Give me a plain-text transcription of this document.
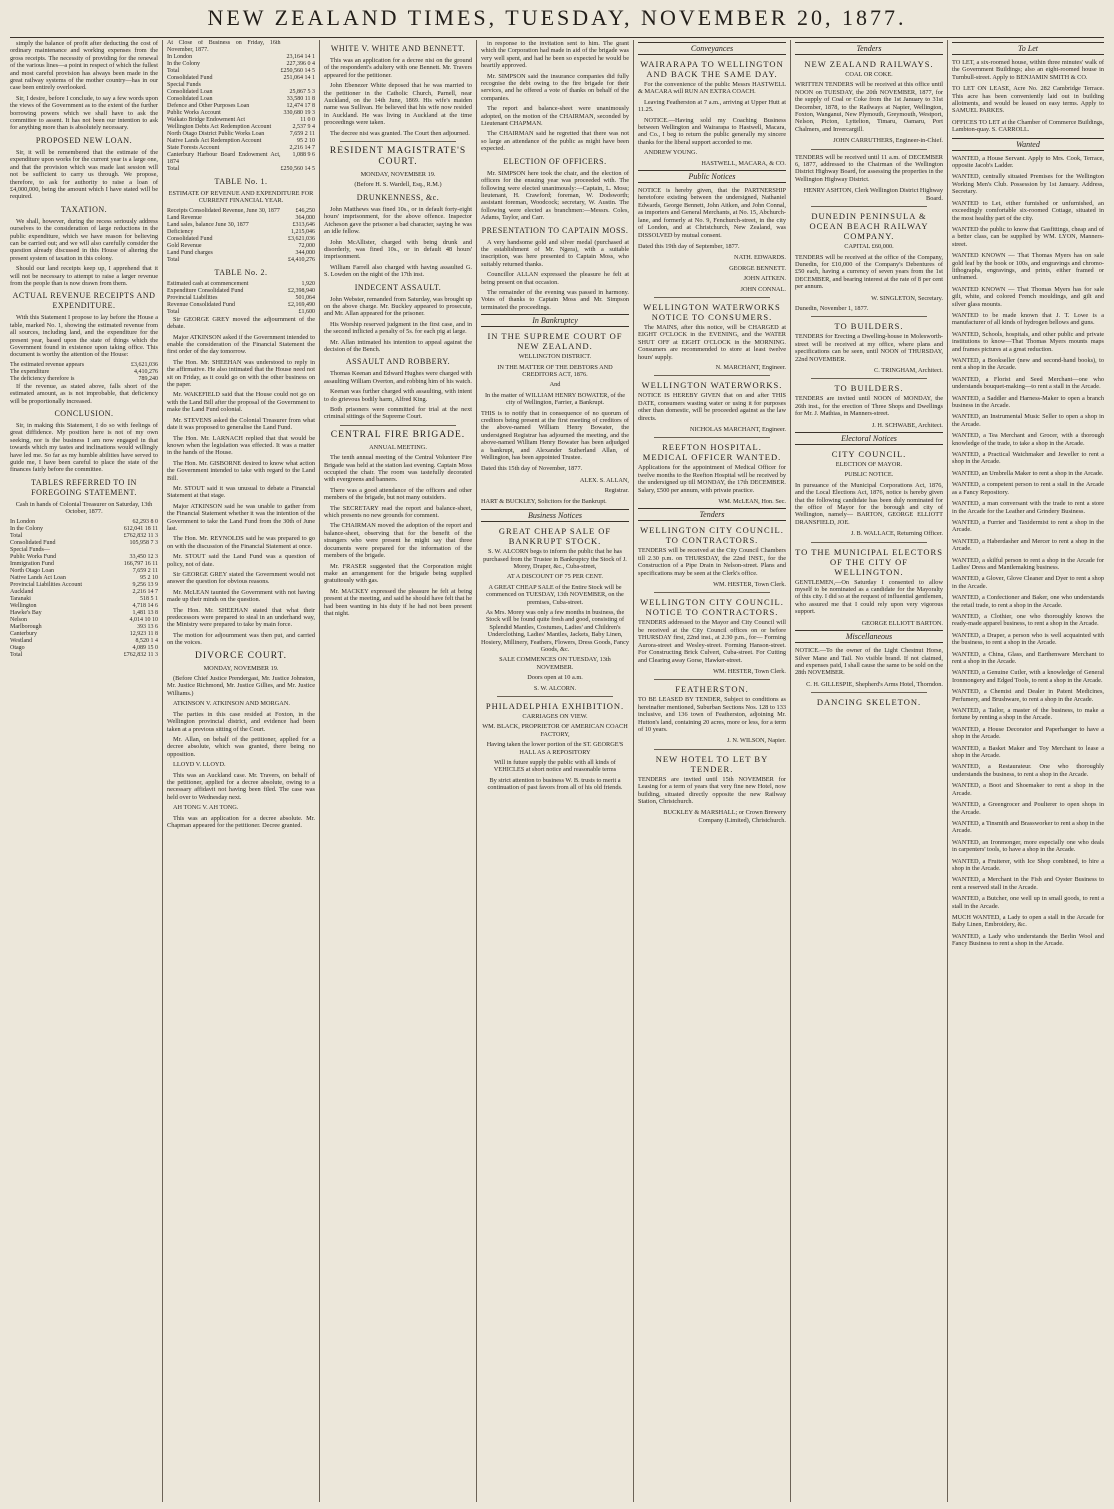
NEW ZEALAND TIMES, TUESDAY, NOVEMBER 20, 1877.

simply the balance of profit after deducting the cost of ordinary maintenance and working expenses from the gross receipts. The necessity of providing for the renewal of the various lines—a point in respect of which the fullest and most careful provision has always been made in the great railway systems of the mother country—has in our case been entirely overlooked.

Sir, I desire, before I conclude, to say a few words upon the views of the Government as to the extent of the further borrowing powers which we shall have to ask the committee to assent. It has not been our intention to ask for anything more than is absolutely necessary.

PROPOSED NEW LOAN.

Sir, it will be remembered that the estimate of the expenditure upon works for the current year is a large one, and that the provision which was made last session will not be sufficient to carry us through. We propose, therefore, to ask for authority to raise a loan of £4,000,000, being the amount which I have stated will be required.

TAXATION.

We shall, however, during the recess seriously address ourselves to the consideration of large reductions in the public expenditure, which we have reason for believing can be carried out; and we will also carefully consider the question already discussed in this House of altering the present system of taxation in this colony.

Should our land receipts keep up, I apprehend that it will not be necessary to attempt to raise a larger revenue from the people than is now drawn from them.

ACTUAL REVENUE RECEIPTS AND EXPENDITURE.

With this Statement I propose to lay before the House a table, marked No. 1, showing the estimated revenue from all sources, including land, and the expenditure for the present year, based upon the state of things which the Government found in existence upon taking office. This document is worthy the attention of the House:

The estimated revenue appears	£3,621,036
The expenditure	4,410,276
The deficiency therefore is	789,240

If the revenue, as stated above, falls short of the estimated amount, as is not improbable, that deficiency will be proportionally increased.

CONCLUSION.

Sir, in making this Statement, I do so with feelings of great diffidence. My position here is not of my own seeking, nor is the business I am now engaged in that towards which my tastes and inclinations would willingly have led me. So far as my humble abilities have served to guide me, I have been careful to place the state of the finances fairly before the committee.

TABLES REFERRED TO IN FOREGOING STATEMENT.

Cash in hands of Colonial Treasurer on Saturday, 13th October, 1877.

In London	62,293 8 0
In the Colony	612,041 18 11
Total	£762,832 11 3
Consolidated Fund	105,958 7 3
Special Funds—	
Public Works Fund	33,450 12 3
Immigration Fund	166,797 16 11
North Otago Loan	7,659 2 11
Native Lands Act Loan	95 2 10
Provincial Liabilities Account	9,256 13 9
Auckland	2,216 14 7
Taranaki	518 5 1
Wellington	4,718 14 6
Hawke's Bay	1,481 13 8
Nelson	4,014 10 10
Marlborough	393 13 6
Canterbury	12,923 11 8
Westland	8,520 1 4
Otago	4,089 15 0
Total	£762,832 11 3
At Close of Business on Friday, 16th November, 1877.	
In London	23,164 14 1
In the Colony	227,396 0 4
Total	£250,560 14 5
Consolidated Fund	251,064 14 1
Special Funds	
Consolidated Loan	25,867 5 3
Consolidated Loan	33,580 11 8
Defence and Other Purposes Loan	12,474 17 8
Public Works Account	330,680 19 3
Waikato Bridge Endowment Act	11 0 0
Wellington Debts Act Redemption Account	2,537 9 4
North Otago District Public Works Loan	7,659 2 11
Native Lands Act Redemption Account	95 2 10
State Forests Account	2,216 14 7
Canterbury Harbour Board Endowment Act, 1874	1,088 9 6
Total	£250,560 14 5
TABLE No. 1.

ESTIMATE OF REVENUE AND EXPENDITURE FOR CURRENT FINANCIAL YEAR.

Receipts Consolidated Revenue, June 30, 1877	£46,250
Land Revenue	364,000
Land sales, balance June 30, 1877	£313,646
Deficiency	1,215,046
Consolidated Fund	£3,621,036
Gold Revenue	72,000
Land Fund charges	344,000
Total	£4,410,276
TABLE No. 2.
Estimated cash at commencement	1,920
Expenditure Consolidated Fund	£2,398,940
Provincial Liabilities	501,064
Revenue Consolidated Fund	£2,169,490
Total	£1,600

Sir GEORGE GREY moved the adjournment of the debate.

Major ATKINSON asked if the Government intended to enable the consideration of the Financial Statement the first order of the day tomorrow.

The Hon. Mr. SHEEHAN was understood to reply in the affirmative. He also intimated that the House need not sit on Friday, as it could go on with the other business on the paper.

Mr. WAKEFIELD said that the House could not go on with the Land Bill after the proposal of the Government to make the Land Fund colonial.

Mr. STEVENS asked the Colonial Treasurer from what date it was proposed to generalise the Land Fund.

The Hon. Mr. LARNACH replied that that would be known when the legislation was effected. It was a matter in the hands of the House.

The Hon. Mr. GISBORNE desired to know what action the Government intended to take with regard to the Land Bill.

Mr. STOUT said it was unusual to debate a Financial Statement at that stage.

Major ATKINSON said he was unable to gather from the Financial Statement whether it was the intention of the Government to take the Land Fund from the 30th of June last.

The Hon. Mr. REYNOLDS said he was prepared to go on with the discussion of the Financial Statement at once.

Mr. STOUT said the Land Fund was a question of policy, not of date.

Sir GEORGE GREY stated the Government would not answer the question for obvious reasons.

Mr. McLEAN taunted the Government with not having made up their minds on the question.

The Hon. Mr. SHEEHAN stated that what their predecessors were prepared to steal in an underhand way, the Ministry were prepared to take by main force.

The motion for adjournment was then put, and carried on the voices.

DIVORCE COURT.

MONDAY, NOVEMBER 19.

(Before Chief Justice Prendergast, Mr. Justice Johnston, Mr. Justice Richmond, Mr. Justice Gillies, and Mr. Justice Williams.)

ATKINSON V. ATKINSON AND MORGAN.

The parties in this case resided at Foxton, in the Wellington provincial district, and evidence had been taken at a previous sitting of the Court.

Mr. Allan, on behalf of the petitioner, applied for a decree absolute, which was granted, there being no opposition.

LLOYD V. LLOYD.

This was an Auckland case. Mr. Travers, on behalf of the petitioner, applied for a decree absolute, owing to a necessary affidavit not having been filed. The case was held over to Wednesday next.

AH TONG V. AH TONG.

This was an application for a decree absolute. Mr. Chapman appeared for the petitioner. Decree granted.

WHITE V. WHITE AND BENNETT.

This was an application for a decree nisi on the ground of the respondent's adultery with one Bennett. Mr. Travers appeared for the petitioner.

John Ebenezer White deposed that he was married to the petitioner in the Catholic Church, Parnell, near Auckland, on the 14th June, 1869. His wife's maiden name was Sullivan. He believed that his wife now resided in Auckland. He was living in Auckland at the time proceedings were taken.

The decree nisi was granted. The Court then adjourned.

RESIDENT MAGISTRATE'S COURT.

MONDAY, NOVEMBER 19.

(Before H. S. Wardell, Esq., R.M.)

DRUNKENNESS, &c.

John Matthews was fined 10s., or in default forty-eight hours' imprisonment, for the above offence. Inspector Atcheson gave the prisoner a bad character, saying he was an idle fellow.

John McAllister, charged with being drunk and disorderly, was fined 10s., or in default 48 hours' imprisonment.

William Farrell also charged with having assaulted G. S. Lowden on the night of the 17th inst.

INDECENT ASSAULT.

John Webster, remanded from Saturday, was brought up on the above charge. Mr. Buckley appeared to prosecute, and Mr. Allan appeared for the prisoner.

His Worship reserved judgment in the first case, and in the second inflicted a penalty of 5s. for each pig at large.

Mr. Allan intimated his intention to appeal against the decision of the Bench.

ASSAULT AND ROBBERY.

Thomas Keenan and Edward Hughes were charged with assaulting William Overton, and robbing him of his watch.

Keenan was further charged with assaulting, with intent to do grievous bodily harm, Alfred King.

Both prisoners were committed for trial at the next criminal sittings of the Supreme Court.

CENTRAL FIRE BRIGADE.

ANNUAL MEETING.

The tenth annual meeting of the Central Volunteer Fire Brigade was held at the station last evening. Captain Moss occupied the chair. The room was tastefully decorated with evergreens and banners.

There was a good attendance of the officers and other members of the brigade, but not many outsiders.

The SECRETARY read the report and balance-sheet, which presents no new grounds for comment.

The CHAIRMAN moved the adoption of the report and balance-sheet, observing that for the benefit of the strangers who were present he might say that three documents were prepared for the information of the members of the brigade.

Mr. FRASER suggested that the Corporation might make an arrangement for the brigade being supplied gratuitously with gas.

Mr. MACKEY expressed the pleasure he felt at being present at the meeting, and said he should have felt that he had been wanting in his duty if he had not been present that night.

in response to the invitation sent to him. The grant which the Corporation had made in aid of the brigade was very well spent, and had he been so expected he would be heartily approved.

Mr. SIMPSON said the insurance companies did fully recognise the debt owing to the fire brigade for their services, and he offered a vote of thanks on behalf of the companies.

The report and balance-sheet were unanimously adopted, on the motion of the CHAIRMAN, seconded by Lieutenant CHAPMAN.

The CHAIRMAN said he regretted that there was not so large an attendance of the public as might have been expected.

ELECTION OF OFFICERS.

Mr. SIMPSON here took the chair, and the election of officers for the ensuing year was proceeded with. The following were elected unanimously:—Captain, L. Moss; lieutenant, H. Crawford; foreman, W. Dodsworth; assistant foreman, Woodcock; secretary, W. Austin. The following were elected as branchmen:—Messrs. Coles, Adams, Taylor, and Carr.

PRESENTATION TO CAPTAIN MOSS.

A very handsome gold and silver medal (purchased at the establishment of Mr. Ngera), with a suitable inscription, was here presented to Captain Moss, who suitably returned thanks.

Councillor ALLAN expressed the pleasure he felt at being present on that occasion.

The remainder of the evening was passed in harmony. Votes of thanks to Captain Moss and Mr. Simpson terminated the proceedings.

In Bankruptcy

IN THE SUPREME COURT OF NEW ZEALAND.

WELLINGTON DISTRICT.

IN THE MATTER OF THE DEBTORS AND CREDITORS ACT, 1876.

And

In the matter of WILLIAM HENRY BOWATER, of the city of Wellington, Farrier, a Bankrupt.

THIS is to notify that in consequence of no quorum of creditors being present at the first meeting of creditors of the above-named William Henry Bowater, the undersigned Registrar has adjourned the meeting, and the above-named William Henry Bowater has been adjudged a bankrupt, and Alexander Sutherland Allan, of Wellington, has been appointed Trustee.

Dated this 15th day of November, 1877.

ALEX. S. ALLAN,

Registrar.

HART & BUCKLEY, Solicitors for the Bankrupt.

Business Notices

GREAT CHEAP SALE OF BANKRUPT STOCK.

S. W. ALCORN begs to inform the public that he has purchased from the Trustee in Bankruptcy the Stock of J. Morey, Draper, &c., Cuba-street,

AT A DISCOUNT OF 75 PER CENT.

A GREAT CHEAP SALE of the Entire Stock will be commenced on TUESDAY, 13th NOVEMBER, on the premises, Cuba-street.

As Mrs. Morey was only a few months in business, the Stock will be found quite fresh and good, consisting of Splendid Mantles, Costumes, Ladies' and Children's Underclothing, Ladies' Mantles, Jackets, Baby Linen, Hosiery, Millinery, Feathers, Flowers, Dress Goods, Fancy Goods, &c.

SALE COMMENCES ON TUESDAY, 13th NOVEMBER.

Doors open at 10 a.m.

S. W. ALCORN.

PHILADELPHIA EXHIBITION.

CARRIAGES ON VIEW.

WM. BLACK, PROPRIETOR OF AMERICAN COACH FACTORY,

Having taken the lower portion of the ST. GEORGE'S HALL AS A REPOSITORY

Will in future supply the public with all kinds of VEHICLES at short notice and reasonable terms

By strict attention to business W. B. trusts to merit a continuation of past favors from all of his old friends.

Conveyances

WAIRARAPA TO WELLINGTON AND BACK THE SAME DAY.

For the convenience of the public Messrs HASTWELL & MACARA will RUN AN EXTRA COACH.

Leaving Featherston at 7 a.m., arriving at Upper Hutt at 11.25.

NOTICE.—Having sold my Coaching Business between Wellington and Wairarapa to Hastwell, Macara, and Co., I beg to return the public generally my sincere thanks for the liberal support accorded to me.

ANDREW YOUNG.

HASTWELL, MACARA, & CO.

Public Notices

NOTICE is hereby given, that the PARTNERSHIP heretofore existing between the undersigned, Nathaniel Edwards, George Bennett, John Aitken, and John Connal, as importers and General Merchants, at No. 15, Abchurch-lane, and formerly at No. 9, Fenchurch-street, in the city of London, and at Christchurch, New Zealand, was DISSOLVED by mutual consent.

Dated this 19th day of September, 1877.

NATH. EDWARDS.

GEORGE BENNETT.

JOHN AITKEN.

JOHN CONNAL.

WELLINGTON WATERWORKS NOTICE TO CONSUMERS.

The MAINS, after this notice, will be CHARGED at EIGHT O'CLOCK in the EVENING, and the WATER SHUT OFF at EIGHT O'CLOCK in the MORNING. Consumers are recommended to store at least twelve hours' supply.

N. MARCHANT, Engineer.

WELLINGTON WATERWORKS.

NOTICE IS HEREBY GIVEN that on and after THIS DATE, consumers wasting water or using it for purposes other than domestic, will be proceeded against as the law directs.

NICHOLAS MARCHANT, Engineer.

REEFTON HOSPITAL. MEDICAL OFFICER WANTED.

Applications for the appointment of Medical Officer for twelve months to the Reefton Hospital will be received by the undersigned up till MONDAY, the 17th DECEMBER. Salary, £500 per annum, with private practice.

WM. McLEAN, Hon. Sec.

Tenders

WELLINGTON CITY COUNCIL. TO CONTRACTORS.

TENDERS will be received at the City Council Chambers till 2.30 p.m. on THURSDAY, the 22nd INST., for the Construction of a Pipe Drain in Nelson-street. Plans and specifications may be seen at the Clerk's office.

WM. HESTER, Town Clerk.

WELLINGTON CITY COUNCIL. NOTICE TO CONTRACTORS.

TENDERS addressed to the Mayor and City Council will be received at the City Council offices on or before THURSDAY first, 22nd inst., at 2.30 p.m., for— Forming Aurora-street and Wesley-street. Forming Hanson-street. For Constructing Brick Culvert, Cuba-street. For Cutting and Clearing away Gorse, Hawker-street.

WM. HESTER, Town Clerk.

FEATHERSTON.

TO BE LEASED BY TENDER, Subject to conditions as hereinafter mentioned, Suburban Sections Nos. 128 to 133 inclusive, and 136 town of Featherston, adjoining Mr. Hutton's land, containing 20 acres, more or less, for a term of 10 years.

J. N. WILSON, Napier.

NEW HOTEL TO LET BY TENDER.

TENDERS are invited until 15th NOVEMBER for Leasing for a term of years that very fine new Hotel, now building, situated directly opposite the new Railway Station, Christchurch.

BUCKLEY & MARSHALL; or Crown Brewery Company (Limited), Christchurch.

Tenders

NEW ZEALAND RAILWAYS.

COAL OR COKE.

WRITTEN TENDERS will be received at this office until NOON on TUESDAY, the 20th NOVEMBER, 1877, for the supply of Coal or Coke from the 1st January to 31st December, 1878, to the Railways at Napier, Wellington, Foxton, Wanganui, New Plymouth, Greymouth, Westport, Nelson, Picton, Lyttelton, Timaru, Oamaru, Port Chalmers, and Invercargill.

JOHN CARRUTHERS, Engineer-in-Chief.

TENDERS will be received until 11 a.m. of DECEMBER 6, 1877, addressed to the Chairman of the Wellington District Highway Board, for assessing the properties in the Wellington Highway District.

HENRY ASHTON, Clerk Wellington District Highway Board.

DUNEDIN PENINSULA & OCEAN BEACH RAILWAY COMPANY.

CAPITAL £60,000.

TENDERS will be received at the office of the Company, Dunedin, for £10,000 of the Company's Debentures of £50 each, having a currency of seven years from the 1st DECEMBER, and bearing interest at the rate of 8 per cent per annum.

W. SINGLETON, Secretary.

Dunedin, November 1, 1877.

TO BUILDERS.

TENDERS for Erecting a Dwelling-house in Molesworth-street will be received at my office, where plans and specifications can be seen, until NOON of THURSDAY, 22nd NOVEMBER.

C. TRINGHAM, Architect.

TO BUILDERS.

TENDERS are invited until NOON of MONDAY, the 26th inst., for the erection of Three Shops and Dwellings for Mr. J. Mathias, in Manners-street.

J. H. SCHWABE, Architect.

Electoral Notices

CITY COUNCIL.

ELECTION OF MAYOR.

PUBLIC NOTICE.

In pursuance of the Municipal Corporations Act, 1876, and the Local Elections Act, 1876, notice is hereby given that the following candidate has been duly nominated for the office of Mayor for the borough and city of Wellington, namely— BARTON, GEORGE ELLIOTT DRANSFIELD, JOE.

J. B. WALLACE, Returning Officer.

TO THE MUNICIPAL ELECTORS OF THE CITY OF WELLINGTON.

GENTLEMEN,—On Saturday I consented to allow myself to be nominated as a candidate for the Mayoralty of this city. I did so at the request of influential gentlemen, who assured me that I could rely upon very vigorous support.

GEORGE ELLIOTT BARTON.

Miscellaneous

NOTICE.—To the owner of the Light Chestnut Horse, Silver Mane and Tail. No visible brand. If not claimed, and expenses paid, I shall cause the same to be sold on the 28th NOVEMBER.

C. H. GILLESPIE, Shepherd's Arms Hotel, Thorndon.

DANCING SKELETON.

To Let

TO LET, a six-roomed house, within three minutes' walk of the Government Buildings; also an eight-roomed house in Turnbull-street. Apply to BENJAMIN SMITH & CO.

TO LET ON LEASE, Acre No. 282 Cambridge Terrace. This acre has been conveniently laid out in building allotments, and would be leased on easy terms. Apply to SAMUEL PARKES.

OFFICES TO LET at the Chamber of Commerce Buildings, Lambton-quay. S. CARROLL.

Wanted

WANTED, a House Servant. Apply to Mrs. Cook, Terrace, opposite Jacob's Ladder.

WANTED, centrally situated Premises for the Wellington Working Men's Club. Possession by 1st January. Address, Secretary.

WANTED to Let, either furnished or unfurnished, an exceedingly comfortable six-roomed Cottage, situated in the most healthy part of the city.

WANTED the public to know that Gasfittings, cheap and of a better class, can be supplied by WM. LYON, Manners-street.

WANTED KNOWN — That Thomas Myers has on sale gold leaf by the book or 100s, and engravings and chromo-lithographs, engravings, and prints, either framed or unframed.

WANTED KNOWN — That Thomas Myers has for sale gilt, white, and colored French mouldings, and gilt and silver glass mounts.

WANTED to be made known that J. T. Lowe is a manufacturer of all kinds of hydrogen bellows and guns.

WANTED, Schools, hospitals, and other public and private institutions to know—That Thomas Myers mounts maps and frames pictures at a great reduction.

WANTED, a Bookseller (new and second-hand books), to rent a shop in the Arcade.

WANTED, a Florist and Seed Merchant—one who understands bouquet-making—to rent a stall in the Arcade.

WANTED, a Saddler and Harness-Maker to open a branch business in the Arcade.

WANTED, an Instrumental Music Seller to open a shop in the Arcade.

WANTED, a Tea Merchant and Grocer, with a thorough knowledge of the trade, to take a shop in the Arcade.

WANTED, a Practical Watchmaker and Jeweller to rent a shop in the Arcade.

WANTED, an Umbrella Maker to rent a shop in the Arcade.

WANTED, a competent person to rent a stall in the Arcade as a Fancy Repository.

WANTED, a man conversant with the trade to rent a store in the Arcade for the Leather and Grindery Business.

WANTED, a Furrier and Taxidermist to rent a shop in the Arcade.

WANTED, a Haberdasher and Mercer to rent a shop in the Arcade.

WANTED, a skilful person to rent a shop in the Arcade for Ladies' Dress and Mantlemaking business.

WANTED, a Glover, Glove Cleaner and Dyer to rent a shop in the Arcade.

WANTED, a Confectioner and Baker, one who understands the retail trade, to rent a shop in the Arcade.

WANTED, a Clothier, one who thoroughly knows the ready-made apparel business, to rent a shop in the Arcade.

WANTED, a Draper, a person who is well acquainted with the business, to rent a shop in the Arcade.

WANTED, a China, Glass, and Earthenware Merchant to rent a shop in the Arcade.

WANTED, a Genuine Cutler, with a knowledge of General Ironmongery and Edged Tools, to rent a shop in the Arcade.

WANTED, a Chemist and Dealer in Patent Medicines, Perfumery, and Brushware, to rent a shop in the Arcade.

WANTED, a Tailor, a master of the business, to make a fortune by renting a shop in the Arcade.

WANTED, a House Decorator and Paperhanger to have a shop in the Arcade.

WANTED, a Basket Maker and Toy Merchant to lease a shop in the Arcade.

WANTED, a Restaurateur. One who thoroughly understands the business, to rent a shop in the Arcade.

WANTED, a Boot and Shoemaker to rent a shop in the Arcade.

WANTED, a Greengrocer and Poulterer to open shops in the Arcade.

WANTED, a Tinsmith and Brassworker to rent a shop in the Arcade.

WANTED, an Ironmonger, more especially one who deals in carpenters' tools, to have a shop in the Arcade.

WANTED, a Fruiterer, with Ice Shop combined, to hire a shop in the Arcade.

WANTED, a Merchant in the Fish and Oyster Business to rent a reserved stall in the Arcade.

WANTED, a Butcher, one well up in small goods, to rent a stall in the Arcade.

MUCH WANTED, a Lady to open a stall in the Arcade for Baby Linen, Embroidery, &c.

WANTED, a Lady who understands the Berlin Wool and Fancy Business to rent a shop in the Arcade.
